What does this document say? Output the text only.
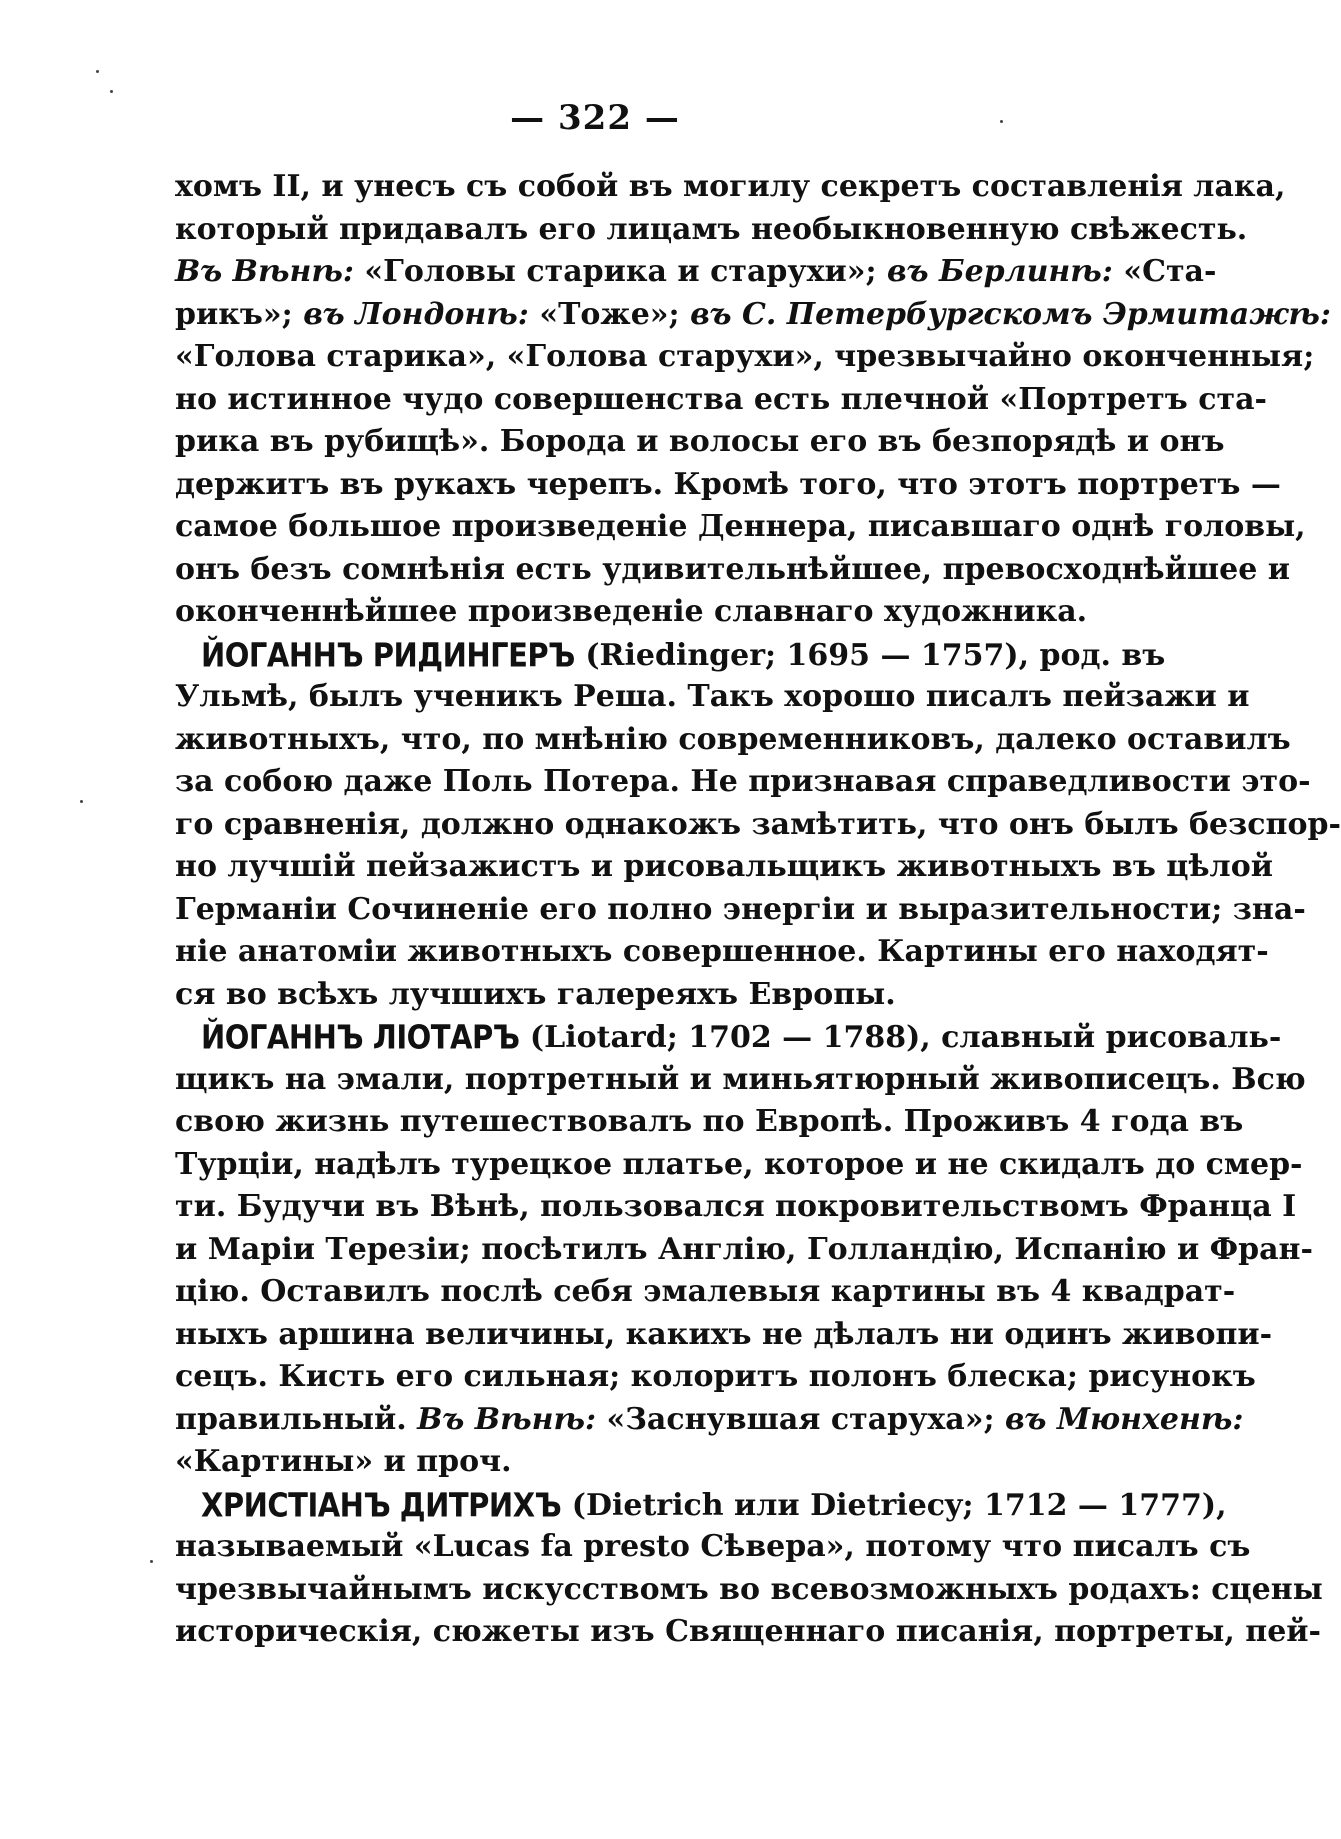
— 322 —
хомъ II, и унесъ съ собой въ могилу секретъ составленія лака,
который придавалъ его лицамъ необыкновенную свѣжесть.
Въ Вѣнѣ: «Головы старика и старухи»; въ Берлинѣ: «Ста-
рикъ»; въ Лондонѣ: «Тоже»; въ С. Петербургскомъ Эрмитажѣ:
«Голова старика», «Голова старухи», чрезвычайно оконченныя;
но истинное чудо совершенства есть плечной «Портретъ ста-
рика въ рубищѣ». Борода и волосы его въ безпорядѣ и онъ
держитъ въ рукахъ черепъ. Кромѣ того, что этотъ портретъ —
самое большое произведеніе Деннера, писавшаго однѣ головы,
онъ безъ сомнѣнія есть удивительнѣйшее, превосходнѣйшее и
оконченнѣйшее произведеніе славнаго художника.
ЙОГАННЪ РИДИНГЕРЪ (Riedinger; 1695 — 1757), род. въ
Ульмѣ, былъ ученикъ Реша. Такъ хорошо писалъ пейзажи и
животныхъ, что, по мнѣнію современниковъ, далеко оставилъ
за собою даже Поль Потера. Не признавая справедливости это-
го сравненія, должно однакожъ замѣтить, что онъ былъ безспор-
но лучшій пейзажистъ и рисовальщикъ животныхъ въ цѣлой
Германіи Сочиненіе его полно энергіи и выразительности; зна-
ніе анатоміи животныхъ совершенное. Картины его находят-
ся во всѣхъ лучшихъ галереяхъ Европы.
ЙОГАННЪ ЛІОТАРЪ (Liotard; 1702 — 1788), славный рисоваль-
щикъ на эмали, портретный и миньятюрный живописецъ. Всю
свою жизнь путешествовалъ по Европѣ. Проживъ 4 года въ
Турціи, надѣлъ турецкое платье, которое и не скидалъ до смер-
ти. Будучи въ Вѣнѣ, пользовался покровительствомъ Франца I
и Маріи Терезіи; посѣтилъ Англію, Голландію, Испанію и Фран-
цію. Оставилъ послѣ себя эмалевыя картины въ 4 квадрат-
ныхъ аршина величины, какихъ не дѣлалъ ни одинъ живопи-
сецъ. Кисть его сильная; колоритъ полонъ блеска; рисунокъ
правильный. Въ Вѣнѣ: «Заснувшая старуха»; въ Мюнхенѣ:
«Картины» и проч.
ХРИСТІАНЪ ДИТРИХЪ (Dietrich или Dietriecy; 1712 — 1777),
называемый «Lucas fa presto Сѣвера», потому что писалъ съ
чрезвычайнымъ искусствомъ во всевозможныхъ родахъ: сцены
историческія, сюжеты изъ Священнаго писанія, портреты, пей-
